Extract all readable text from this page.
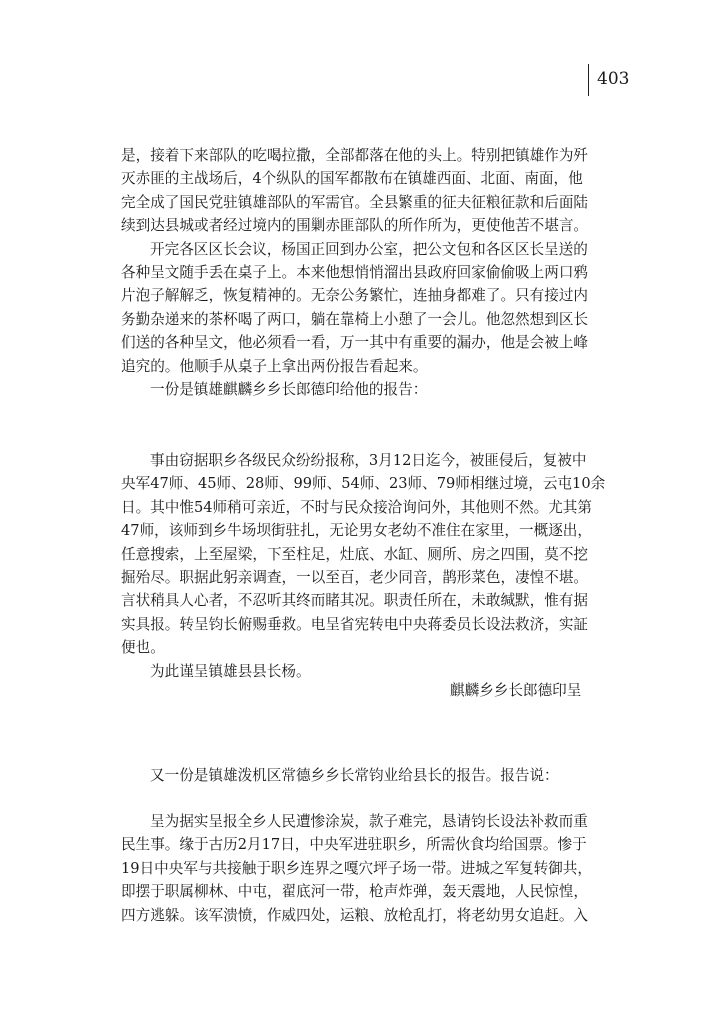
403
是，接着下来部队的吃喝拉撒，全部都落在他的头上。特别把镇雄作为歼
灭赤匪的主战场后，4个纵队的国军都散布在镇雄西面、北面、南面，他
完全成了国民党驻镇雄部队的军需官。全县繁重的征夫征粮征款和后面陆
续到达县城或者经过境内的围剿赤匪部队的所作所为，更使他苦不堪言。
开完各区区长会议，杨国正回到办公室，把公文包和各区区长呈送的
各种呈文随手丢在桌子上。本来他想悄悄溜出县政府回家偷偷吸上两口鸦
片泡子解解乏，恢复精神的。无奈公务繁忙，连抽身都难了。只有接过内
务勤杂递来的茶杯喝了两口，躺在靠椅上小憩了一会儿。他忽然想到区长
们送的各种呈文，他必须看一看，万一其中有重要的漏办，他是会被上峰
追究的。他顺手从桌子上拿出两份报告看起来。
一份是镇雄麒麟乡乡长郎德印给他的报告：
事由窃据职乡各级民众纷纷报称，3月12日迄今，被匪侵后，复被中
央军47师、45师、28师、99师、54师、23师、79师相继过境，云屯10余
日。其中惟54师稍可亲近，不时与民众接洽询问外，其他则不然。尤其第
47师，该师到乡牛场坝街驻扎，无论男女老幼不准住在家里，一概逐出，
任意搜索，上至屋梁，下至柱足，灶底、水缸、厕所、房之四围，莫不挖
掘殆尽。职据此躬亲调查，一以至百，老少同音，鹊形菜色，凄惶不堪。
言状稍具人心者，不忍听其终而睹其况。职责任所在，未敢缄默，惟有据
实具报。转呈钧长俯赐垂救。电呈省宪转电中央蒋委员长设法救济，实証
便也。
为此谨呈镇雄县县长杨。
麒麟乡乡长郎德印呈
又一份是镇雄泼机区常德乡乡长常钧业给县长的报告。报告说：
呈为据实呈报全乡人民遭惨涂炭，款子难完，恳请钧长设法补救而重
民生事。缘于古历2月17日，中央军进驻职乡，所需伙食均给国票。惨于
19日中央军与共接触于职乡连界之嘎穴坪子场一带。进城之军复转御共，
即摆于职属柳林、中屯，翟底河一带，枪声炸弹，轰天震地，人民惊惶，
四方逃躲。该军溃愤，作威四处，运粮、放枪乱打，将老幼男女追赶。入
